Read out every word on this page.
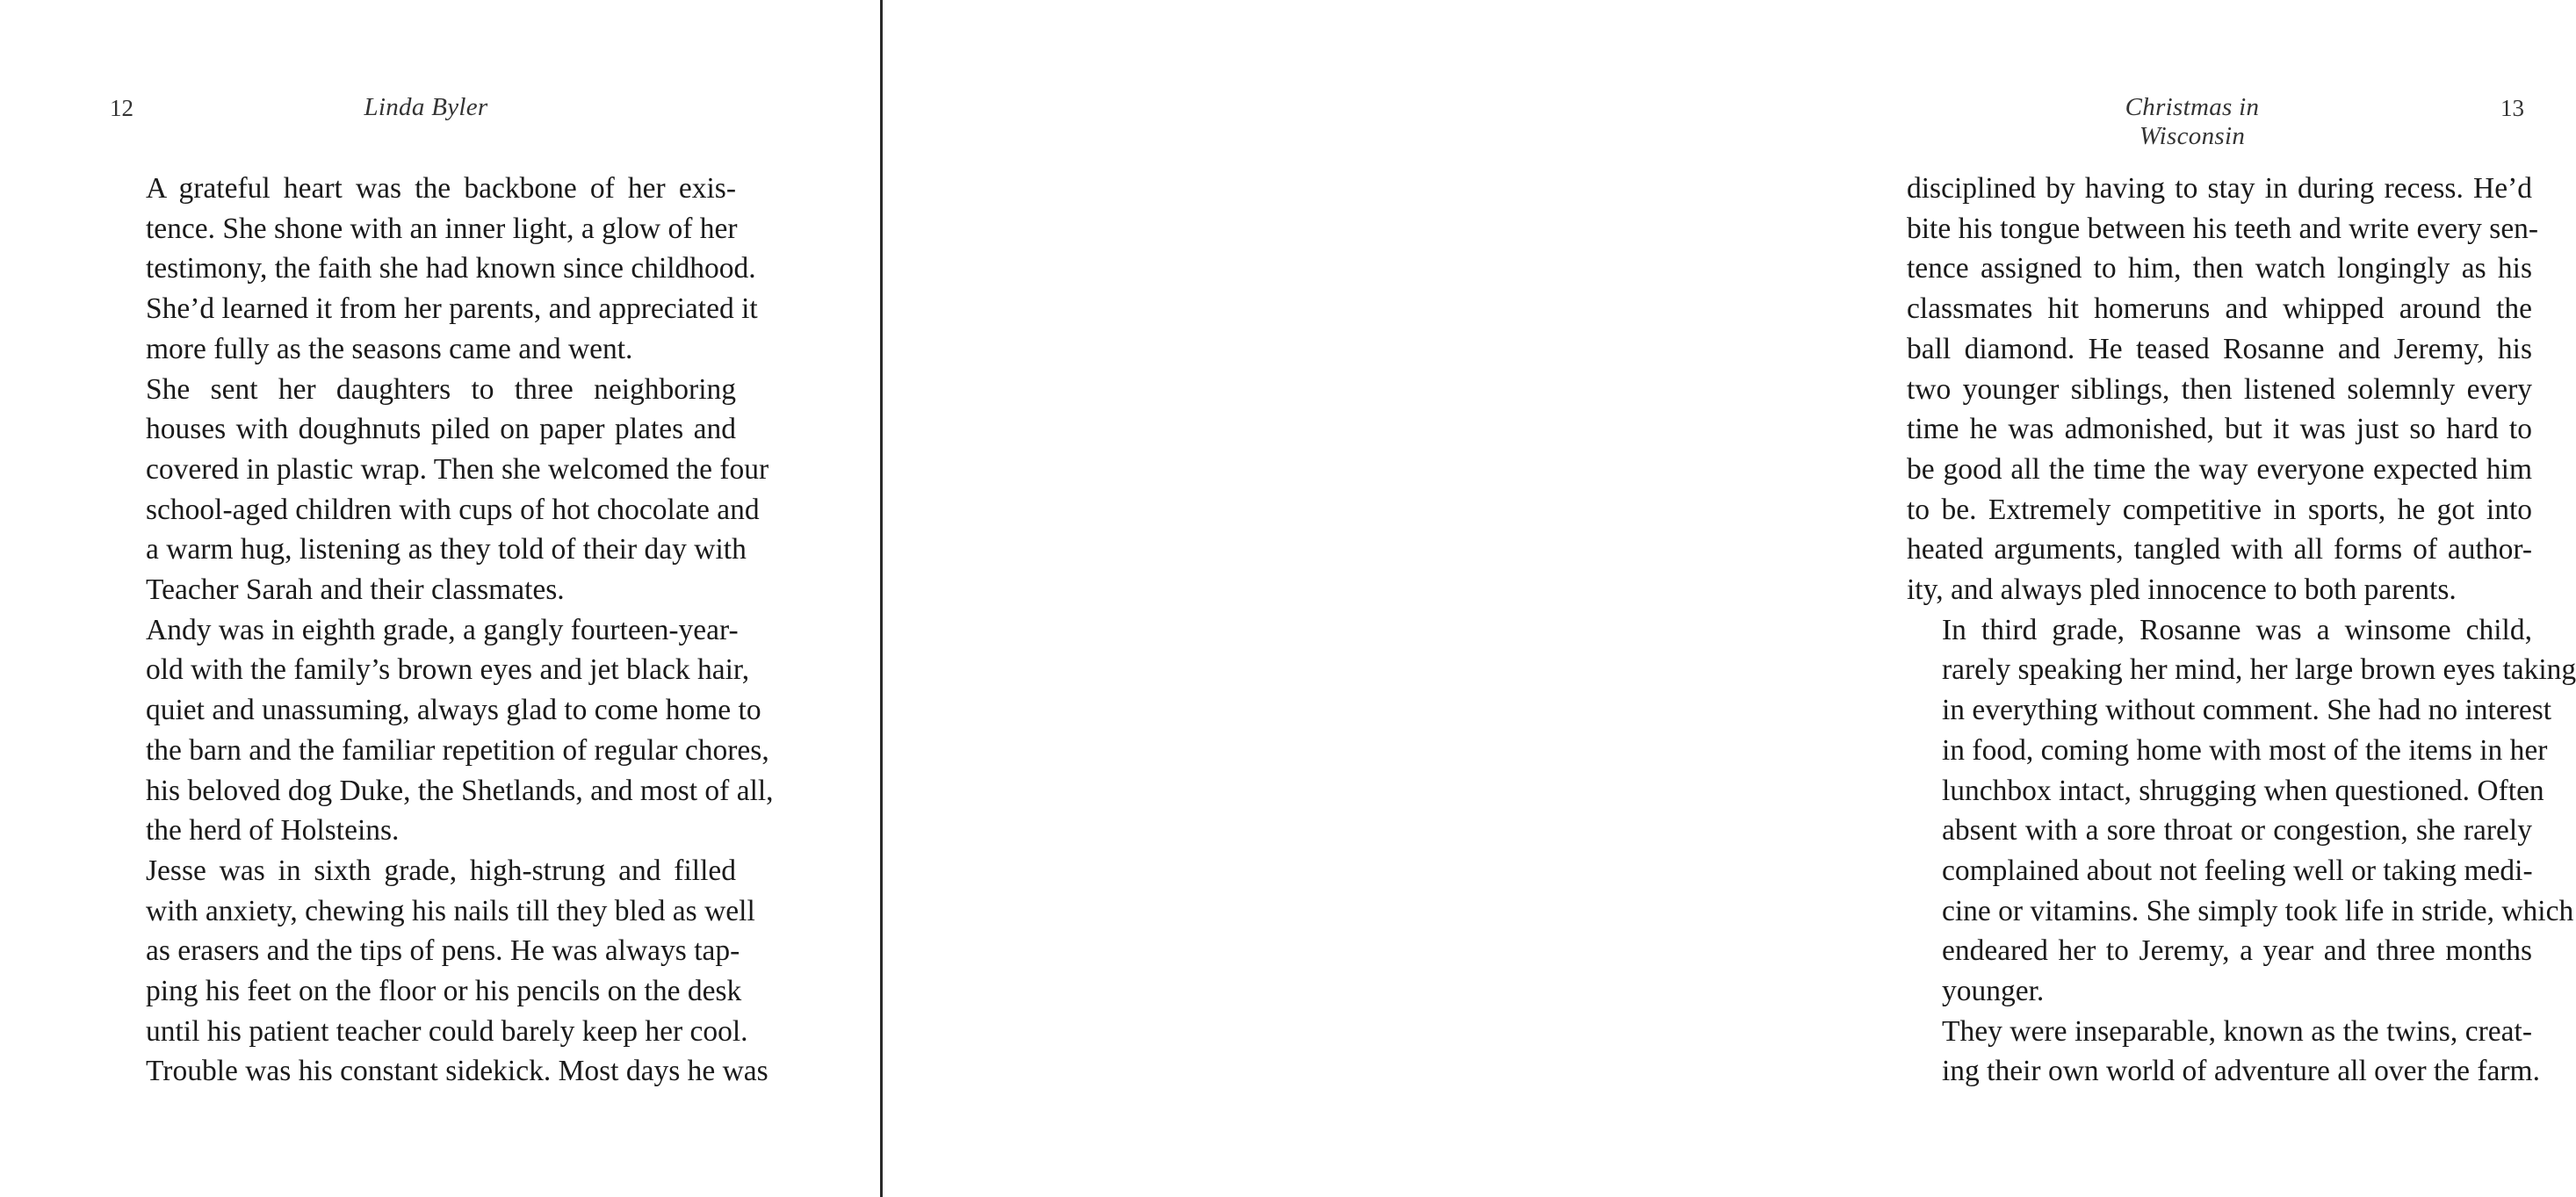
12	Linda Byler

A grateful heart was the backbone of her exis-
tence. She shone with an inner light, a glow of her
testimony, the faith she had known since childhood.
She’d learned it from her parents, and appreciated it
more fully as the seasons came and went.

She sent her daughters to three neighboring
houses with doughnuts piled on paper plates and
covered in plastic wrap. Then she welcomed the four
school-aged children with cups of hot chocolate and
a warm hug, listening as they told of their day with
Teacher Sarah and their classmates.

Andy was in eighth grade, a gangly fourteen-year-
old with the family’s brown eyes and jet black hair,
quiet and unassuming, always glad to come home to
the barn and the familiar repetition of regular chores,
his beloved dog Duke, the Shetlands, and most of all,
the herd of Holsteins.

Jesse was in sixth grade, high-strung and filled
with anxiety, chewing his nails till they bled as well
as erasers and the tips of pens. He was always tap-
ping his feet on the floor or his pencils on the desk
until his patient teacher could barely keep her cool.
Trouble was his constant sidekick. Most days he was

Christmas in Wisconsin
13

disciplined by having to stay in during recess. He’d
bite his tongue between his teeth and write every sen-
tence assigned to him, then watch longingly as his
classmates hit homeruns and whipped around the
ball diamond. He teased Rosanne and Jeremy, his
two younger siblings, then listened solemnly every
time he was admonished, but it was just so hard to
be good all the time the way everyone expected him
to be. Extremely competitive in sports, he got into
heated arguments, tangled with all forms of author-
ity, and always pled innocence to both parents.

In third grade, Rosanne was a winsome child,
rarely speaking her mind, her large brown eyes taking
in everything without comment. She had no interest
in food, coming home with most of the items in her
lunchbox intact, shrugging when questioned. Often
absent with a sore throat or congestion, she rarely
complained about not feeling well or taking medi-
cine or vitamins. She simply took life in stride, which
endeared her to Jeremy, a year and three months
younger.

They were inseparable, known as the twins, creat-
ing their own world of adventure all over the farm.
